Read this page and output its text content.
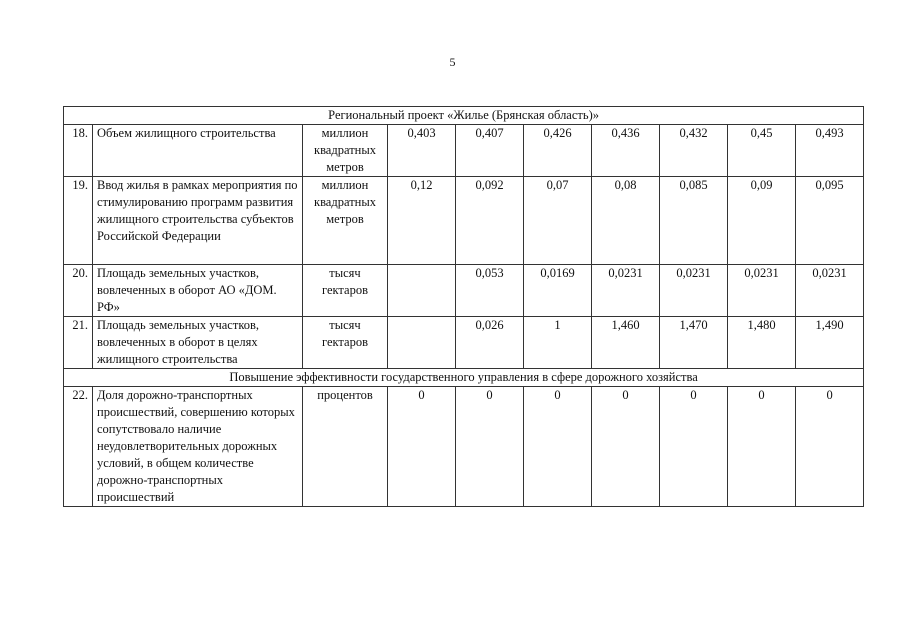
5
Региональный проект «Жилье (Брянская область)»									
18.	Объем жилищного строительства	миллион квадратных метров	0,403	0,407	0,426	0,436	0,432	0,45	0,493
19.	Ввод жилья в рамках мероприятия по стимулированию программ развития жилищного строительства субъектов Российской Федерации	миллион квадратных метров	0,12	0,092	0,07	0,08	0,085	0,09	0,095
20.	Площадь земельных участков, вовлеченных в оборот АО «ДОМ. РФ»	тысяч гектаров		0,053	0,0169	0,0231	0,0231	0,0231	0,0231
21.	Площадь земельных участков, вовлеченных в оборот в целях жилищного строительства	тысяч гектаров		0,026	1	1,460	1,470	1,480	1,490
Повышение эффективности государственного управления в сфере дорожного хозяйства									
22.	Доля дорожно-транспортных происшествий, совершению которых сопутствовало наличие неудовлетворительных дорожных условий, в общем количестве дорожно-транспортных происшествий	процентов	0	0	0	0	0	0	0
